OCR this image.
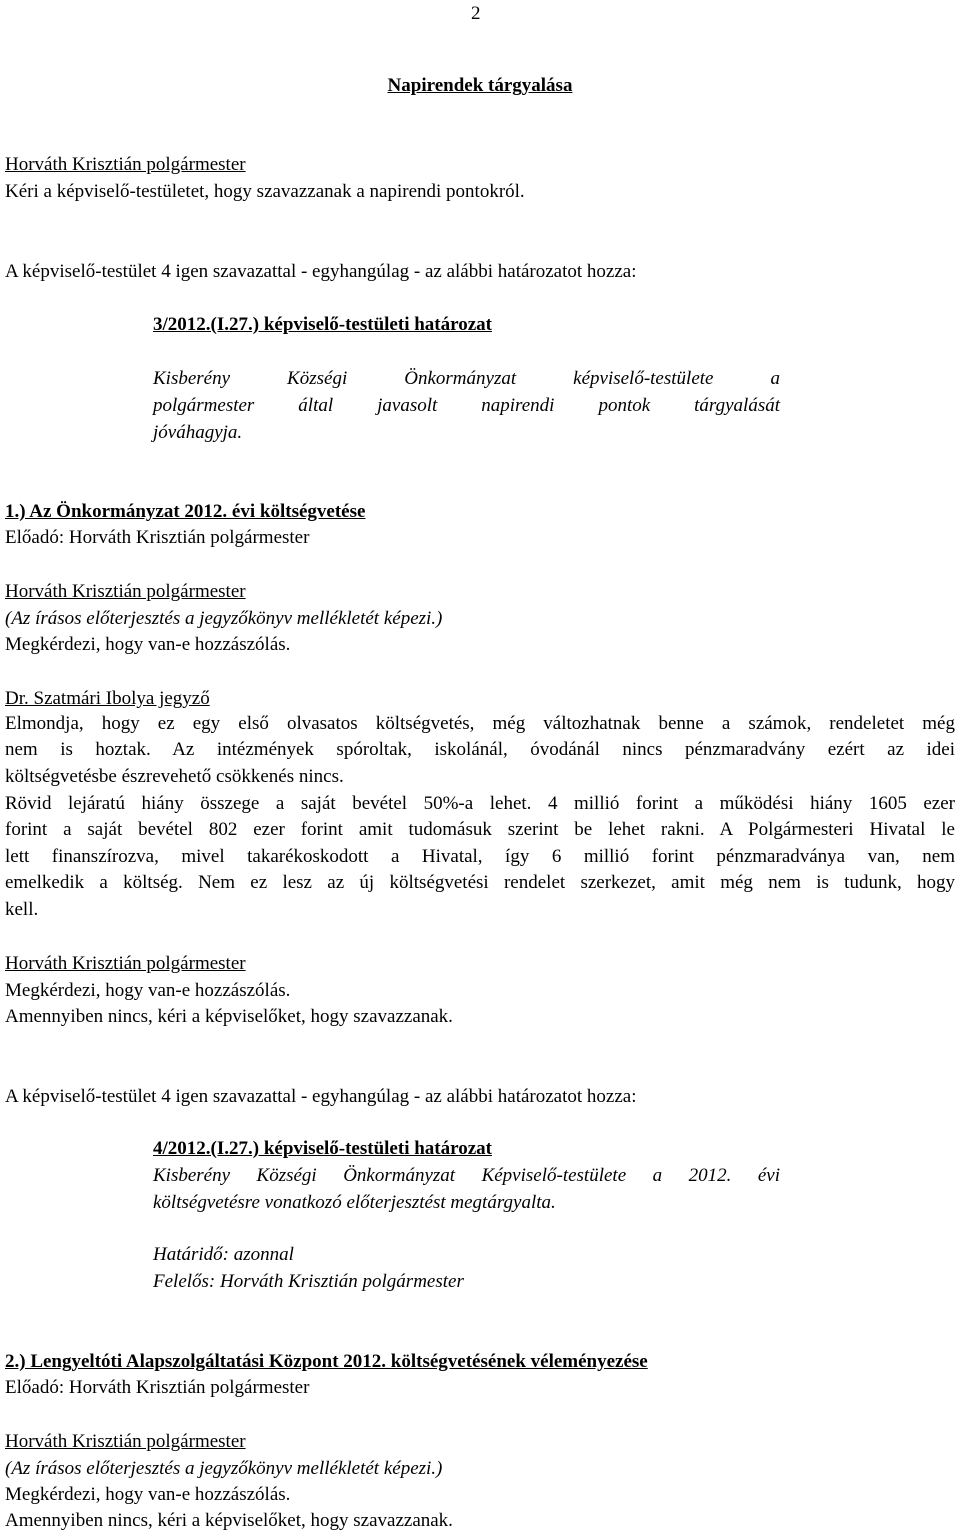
2
Napirendek tárgyalása
Horváth Krisztián polgármester
Kéri a képviselő-testületet, hogy szavazzanak a napirendi pontokról.
A képviselő-testület 4 igen szavazattal - egyhangúlag - az alábbi határozatot hozza:
3/2012.(I.27.) képviselő-testületi határozat
Kisberény Községi Önkormányzat képviselő-testülete a
polgármester által javasolt napirendi pontok tárgyalását
jóváhagyja.
1.) Az Önkormányzat 2012. évi költségvetése
Előadó: Horváth Krisztián polgármester
Horváth Krisztián polgármester
(Az írásos előterjesztés a jegyzőkönyv mellékletét képezi.)
Megkérdezi, hogy van-e hozzászólás.
Dr. Szatmári Ibolya jegyző
Elmondja, hogy ez egy első olvasatos költségvetés, még változhatnak benne a számok, rendeletet még
nem is hoztak. Az intézmények spóroltak, iskolánál, óvodánál nincs pénzmaradvány ezért az idei
költségvetésbe észrevehető csökkenés nincs.
Rövid lejáratú hiány összege a saját bevétel 50%-a lehet. 4 millió forint a működési hiány 1605 ezer
forint a saját bevétel 802 ezer forint amit tudomásuk szerint be lehet rakni. A Polgármesteri Hivatal le
lett finanszírozva, mivel takarékoskodott a Hivatal, így 6 millió forint pénzmaradványa van, nem
emelkedik a költség. Nem ez lesz az új költségvetési rendelet szerkezet, amit még nem is tudunk, hogy
kell.
Horváth Krisztián polgármester
Megkérdezi, hogy van-e hozzászólás.
Amennyiben nincs, kéri a képviselőket, hogy szavazzanak.
A képviselő-testület 4 igen szavazattal - egyhangúlag - az alábbi határozatot hozza:
4/2012.(I.27.) képviselő-testületi határozat
Kisberény Községi Önkormányzat Képviselő-testülete a 2012. évi
költségvetésre vonatkozó előterjesztést megtárgyalta.
Határidő: azonnal
Felelős: Horváth Krisztián polgármester
2.) Lengyeltóti Alapszolgáltatási Központ 2012. költségvetésének véleményezése
Előadó: Horváth Krisztián polgármester
Horváth Krisztián polgármester
(Az írásos előterjesztés a jegyzőkönyv mellékletét képezi.)
Megkérdezi, hogy van-e hozzászólás.
Amennyiben nincs, kéri a képviselőket, hogy szavazzanak.
